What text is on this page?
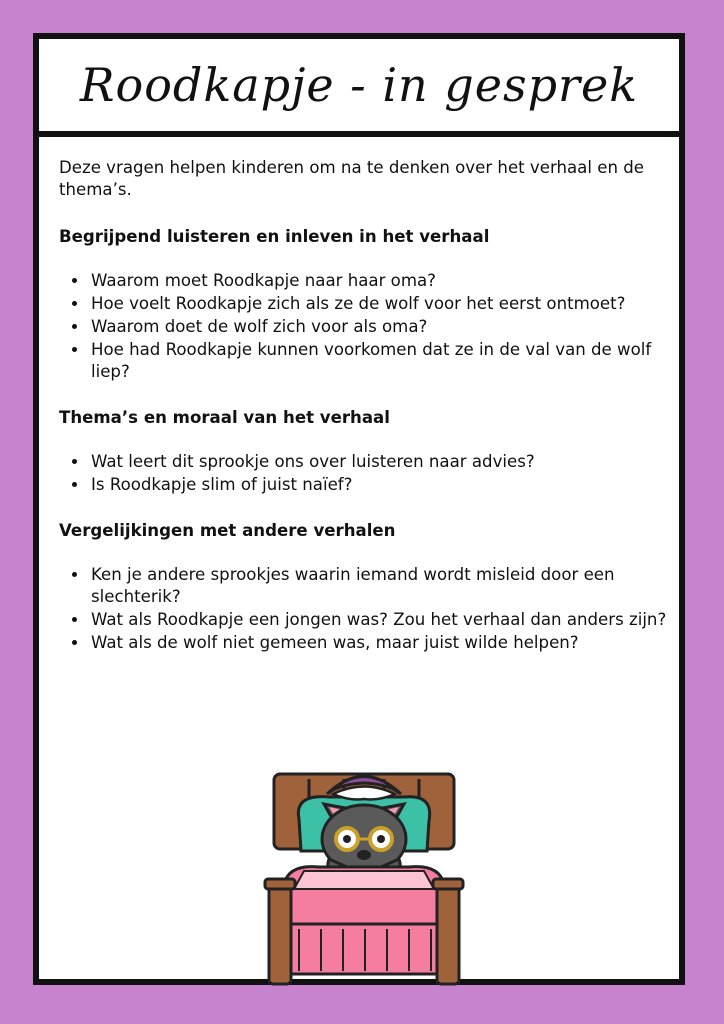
Roodkapje - in gesprek

Deze vragen helpen kinderen om na te denken over het verhaal en de thema’s.

Begrijpend luisteren en inleven in het verhaal
• Waarom moet Roodkapje naar haar oma?
• Hoe voelt Roodkapje zich als ze de wolf voor het eerst ontmoet?
• Waarom doet de wolf zich voor als oma?
• Hoe had Roodkapje kunnen voorkomen dat ze in de val van de wolf liep?
Thema’s en moraal van het verhaal
• Wat leert dit sprookje ons over luisteren naar advies?
• Is Roodkapje slim of juist naïef?
Vergelijkingen met andere verhalen
• Ken je andere sprookjes waarin iemand wordt misleid door een slechterik?
• Wat als Roodkapje een jongen was? Zou het verhaal dan anders zijn?
• Wat als de wolf niet gemeen was, maar juist wilde helpen?
